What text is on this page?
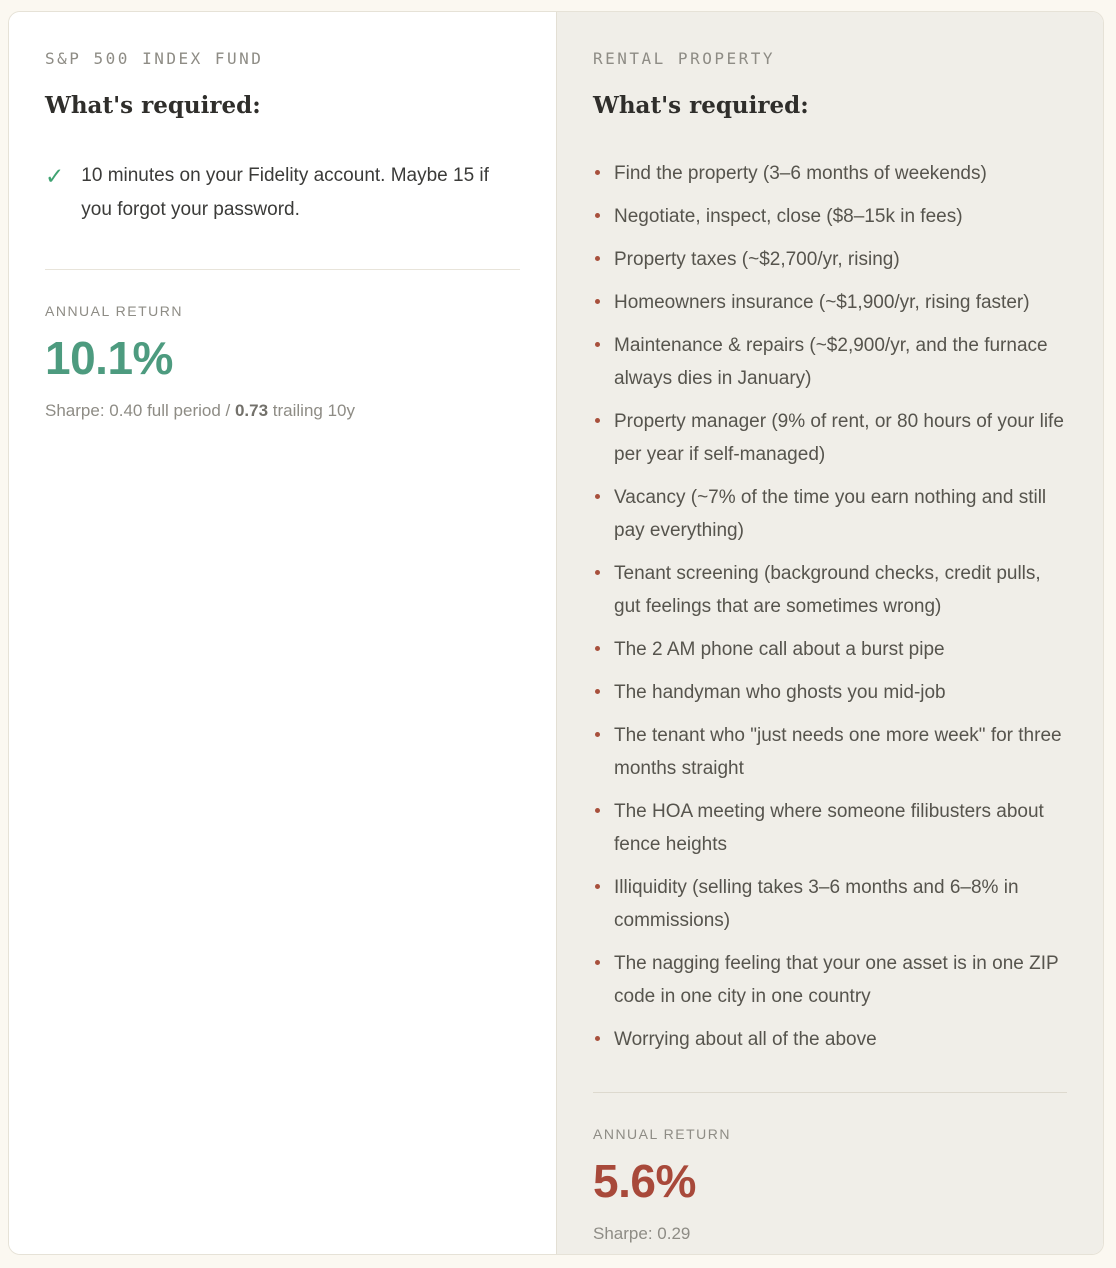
S&P 500 INDEX FUND
What's required:
✓ 10 minutes on your Fidelity account. Maybe 15 if you forgot your password.
ANNUAL RETURN
10.1%
Sharpe: 0.40 full period / 0.73 trailing 10y
RENTAL PROPERTY
What's required:
Find the property (3–6 months of weekends)
Negotiate, inspect, close ($8–15k in fees)
Property taxes (~$2,700/yr, rising)
Homeowners insurance (~$1,900/yr, rising faster)
Maintenance & repairs (~$2,900/yr, and the furnace always dies in January)
Property manager (9% of rent, or 80 hours of your life per year if self-managed)
Vacancy (~7% of the time you earn nothing and still pay everything)
Tenant screening (background checks, credit pulls, gut feelings that are sometimes wrong)
The 2 AM phone call about a burst pipe
The handyman who ghosts you mid-job
The tenant who "just needs one more week" for three months straight
The HOA meeting where someone filibusters about fence heights
Illiquidity (selling takes 3–6 months and 6–8% in commissions)
The nagging feeling that your one asset is in one ZIP code in one city in one country
Worrying about all of the above
ANNUAL RETURN
5.6%
Sharpe: 0.29
